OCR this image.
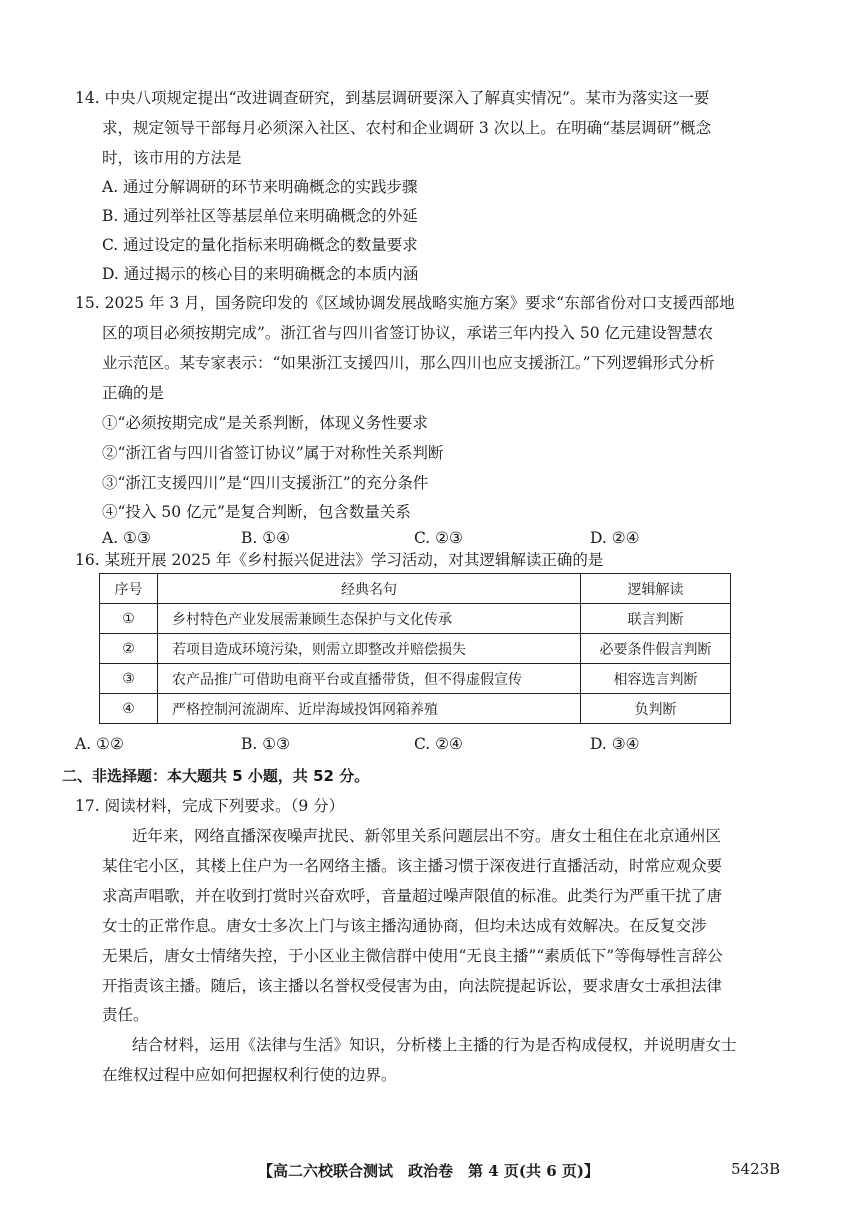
14. 中央八项规定提出“改进调查研究，到基层调研要深入了解真实情况”。某市为落实这一要
求，规定领导干部每月必须深入社区、农村和企业调研 3 次以上。在明确“基层调研”概念
时，该市用的方法是
A. 通过分解调研的环节来明确概念的实践步骤
B. 通过列举社区等基层单位来明确概念的外延
C. 通过设定的量化指标来明确概念的数量要求
D. 通过揭示的核心目的来明确概念的本质内涵
15. 2025 年 3 月，国务院印发的《区域协调发展战略实施方案》要求“东部省份对口支援西部地
区的项目必须按期完成”。浙江省与四川省签订协议，承诺三年内投入 50 亿元建设智慧农
业示范区。某专家表示：“如果浙江支援四川，那么四川也应支援浙江。”下列逻辑形式分析
正确的是
①“必须按期完成”是关系判断，体现义务性要求
②“浙江省与四川省签订协议”属于对称性关系判断
③“浙江支援四川”是“四川支援浙江”的充分条件
④“投入 50 亿元”是复合判断，包含数量关系
A. ①③	B. ①④	C. ②③	D. ②④
16. 某班开展 2025 年《乡村振兴促进法》学习活动，对其逻辑解读正确的是
序号	经典名句	逻辑解读
①	乡村特色产业发展需兼顾生态保护与文化传承	联言判断
②	若项目造成环境污染，则需立即整改并赔偿损失	必要条件假言判断
③	农产品推广可借助电商平台或直播带货，但不得虚假宣传	相容选言判断
④	严格控制河流湖库、近岸海域投饵网箱养殖	负判断
A. ①②	B. ①③	C. ②④	D. ③④
二、非选择题：本大题共 5 小题，共 52 分。
17. 阅读材料，完成下列要求。（9 分）
近年来，网络直播深夜噪声扰民、新邻里关系问题层出不穷。唐女士租住在北京通州区
某住宅小区，其楼上住户为一名网络主播。该主播习惯于深夜进行直播活动，时常应观众要
求高声唱歌，并在收到打赏时兴奋欢呼，音量超过噪声限值的标准。此类行为严重干扰了唐
女士的正常作息。唐女士多次上门与该主播沟通协商，但均未达成有效解决。在反复交涉
无果后，唐女士情绪失控，于小区业主微信群中使用“无良主播”“素质低下”等侮辱性言辞公
开指责该主播。随后，该主播以名誉权受侵害为由，向法院提起诉讼，要求唐女士承担法律
责任。
结合材料，运用《法律与生活》知识，分析楼上主播的行为是否构成侵权，并说明唐女士
在维权过程中应如何把握权利行使的边界。
【高二六校联合测试　政治卷　第 4 页(共 6 页)】	5423B
